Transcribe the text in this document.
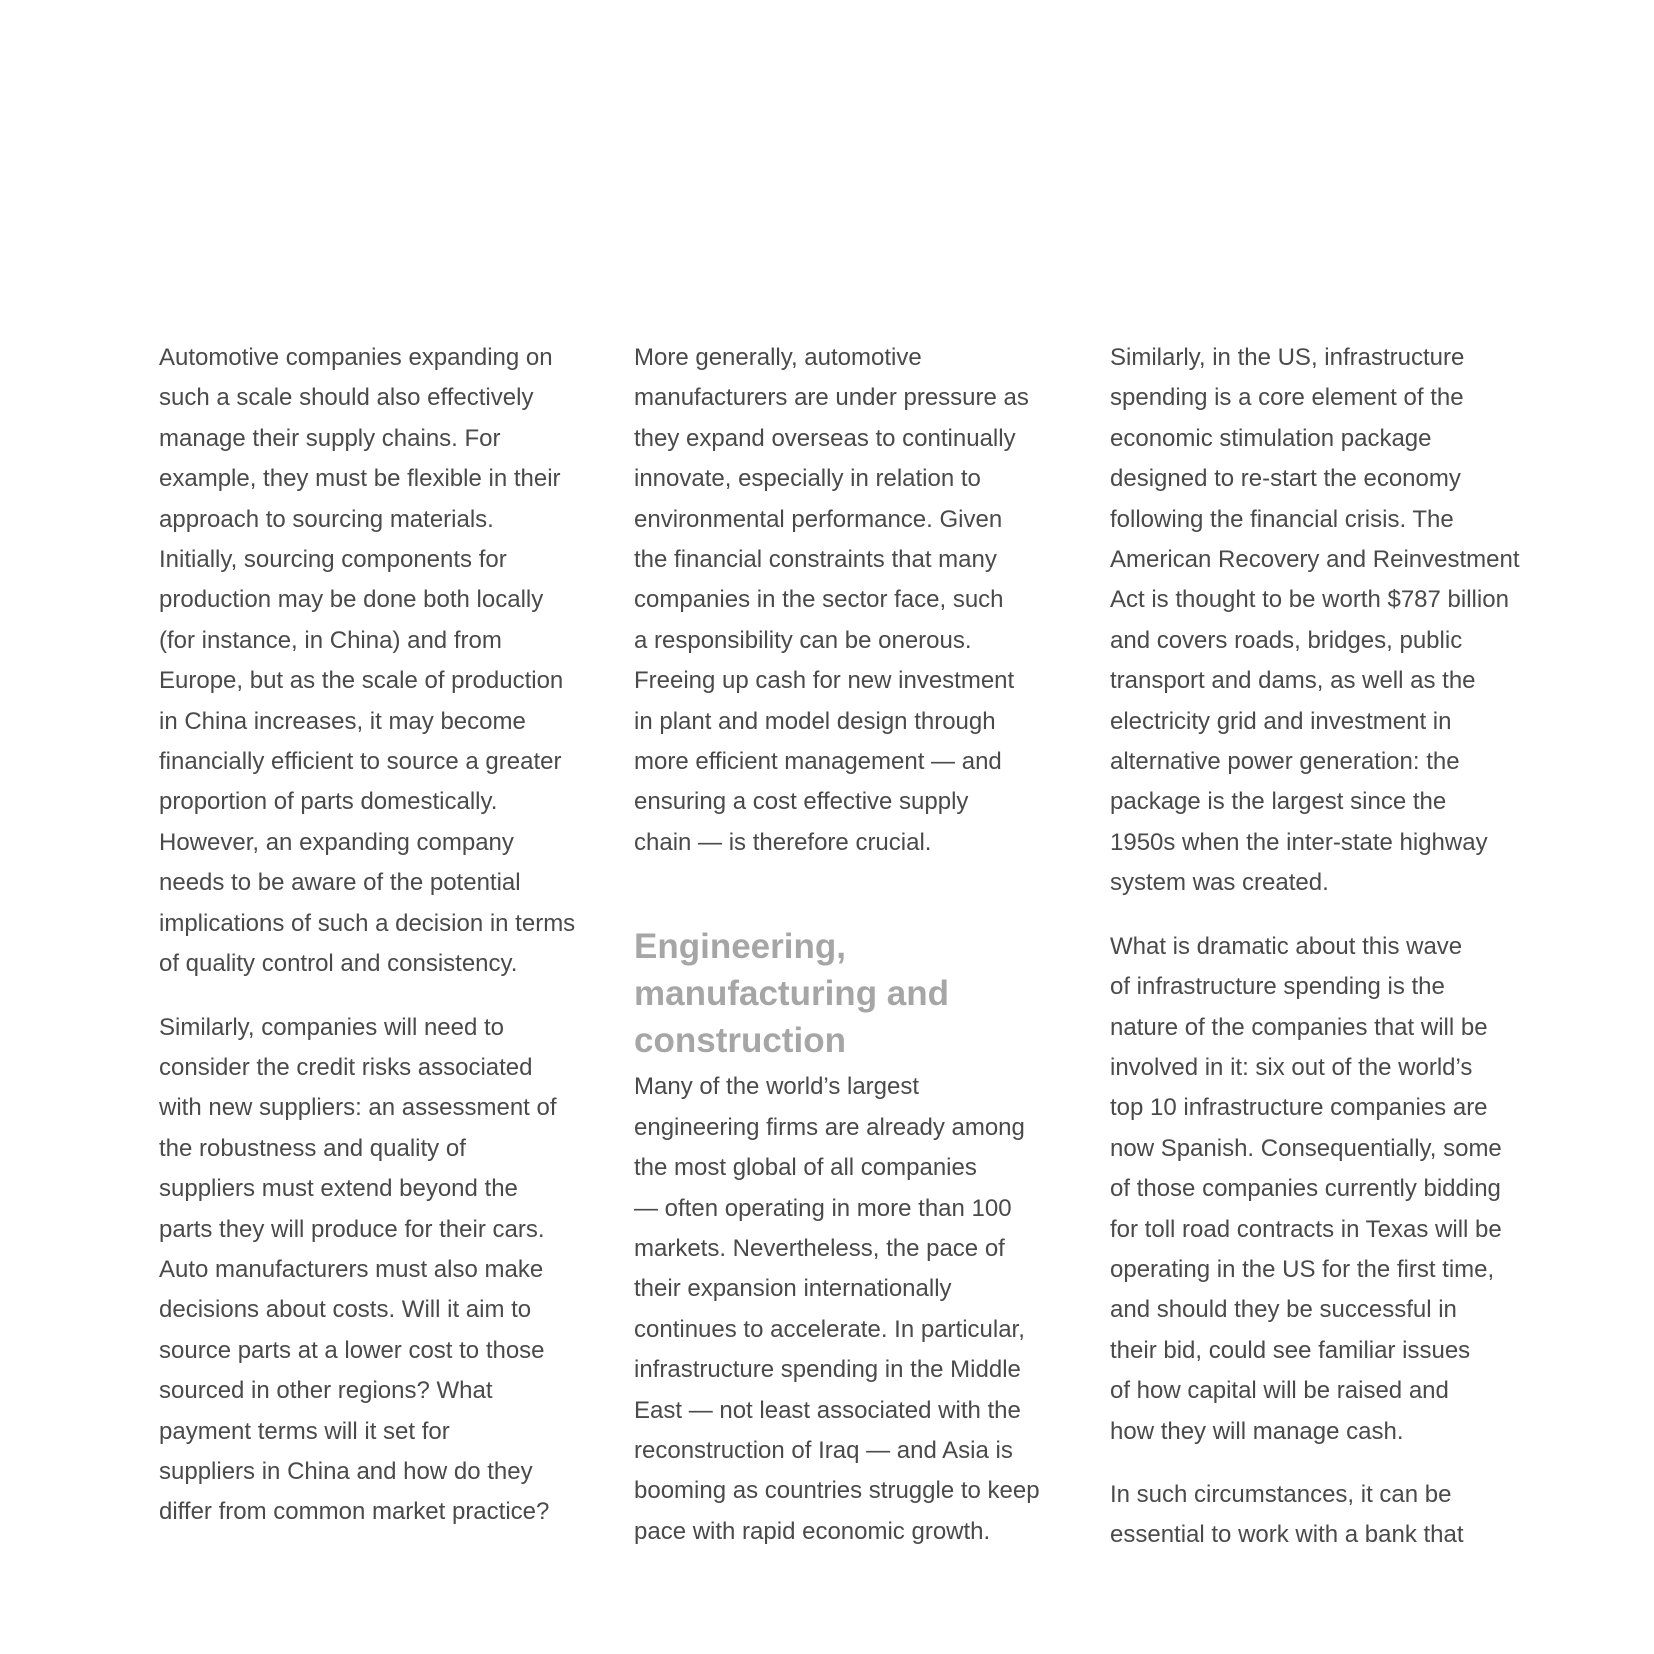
Automotive companies expanding on
such a scale should also effectively
manage their supply chains. For
example, they must be flexible in their
approach to sourcing materials.
Initially, sourcing components for
production may be done both locally
(for instance, in China) and from
Europe, but as the scale of production
in China increases, it may become
financially efficient to source a greater
proportion of parts domestically.
However, an expanding company
needs to be aware of the potential
implications of such a decision in terms
of quality control and consistency.

Similarly, companies will need to
consider the credit risks associated
with new suppliers: an assessment of
the robustness and quality of
suppliers must extend beyond the
parts they will produce for their cars.
Auto manufacturers must also make
decisions about costs. Will it aim to
source parts at a lower cost to those
sourced in other regions? What
payment terms will it set for
suppliers in China and how do they
differ from common market practice?

More generally, automotive
manufacturers are under pressure as
they expand overseas to continually
innovate, especially in relation to
environmental performance. Given
the financial constraints that many
companies in the sector face, such
a responsibility can be onerous.
Freeing up cash for new investment
in plant and model design through
more efficient management — and
ensuring a cost effective supply
chain — is therefore crucial.

Engineering,
manufacturing and
construction

Many of the world’s largest
engineering firms are already among
the most global of all companies
— often operating in more than 100
markets. Nevertheless, the pace of
their expansion internationally
continues to accelerate. In particular,
infrastructure spending in the Middle
East — not least associated with the
reconstruction of Iraq — and Asia is
booming as countries struggle to keep
pace with rapid economic growth.

Similarly, in the US, infrastructure
spending is a core element of the
economic stimulation package
designed to re-start the economy
following the financial crisis. The
American Recovery and Reinvestment
Act is thought to be worth $787 billion
and covers roads, bridges, public
transport and dams, as well as the
electricity grid and investment in
alternative power generation: the
package is the largest since the
1950s when the inter-state highway
system was created.

What is dramatic about this wave
of infrastructure spending is the
nature of the companies that will be
involved in it: six out of the world’s
top 10 infrastructure companies are
now Spanish. Consequentially, some
of those companies currently bidding
for toll road contracts in Texas will be
operating in the US for the first time,
and should they be successful in
their bid, could see familiar issues
of how capital will be raised and
how they will manage cash.

In such circumstances, it can be
essential to work with a bank that
